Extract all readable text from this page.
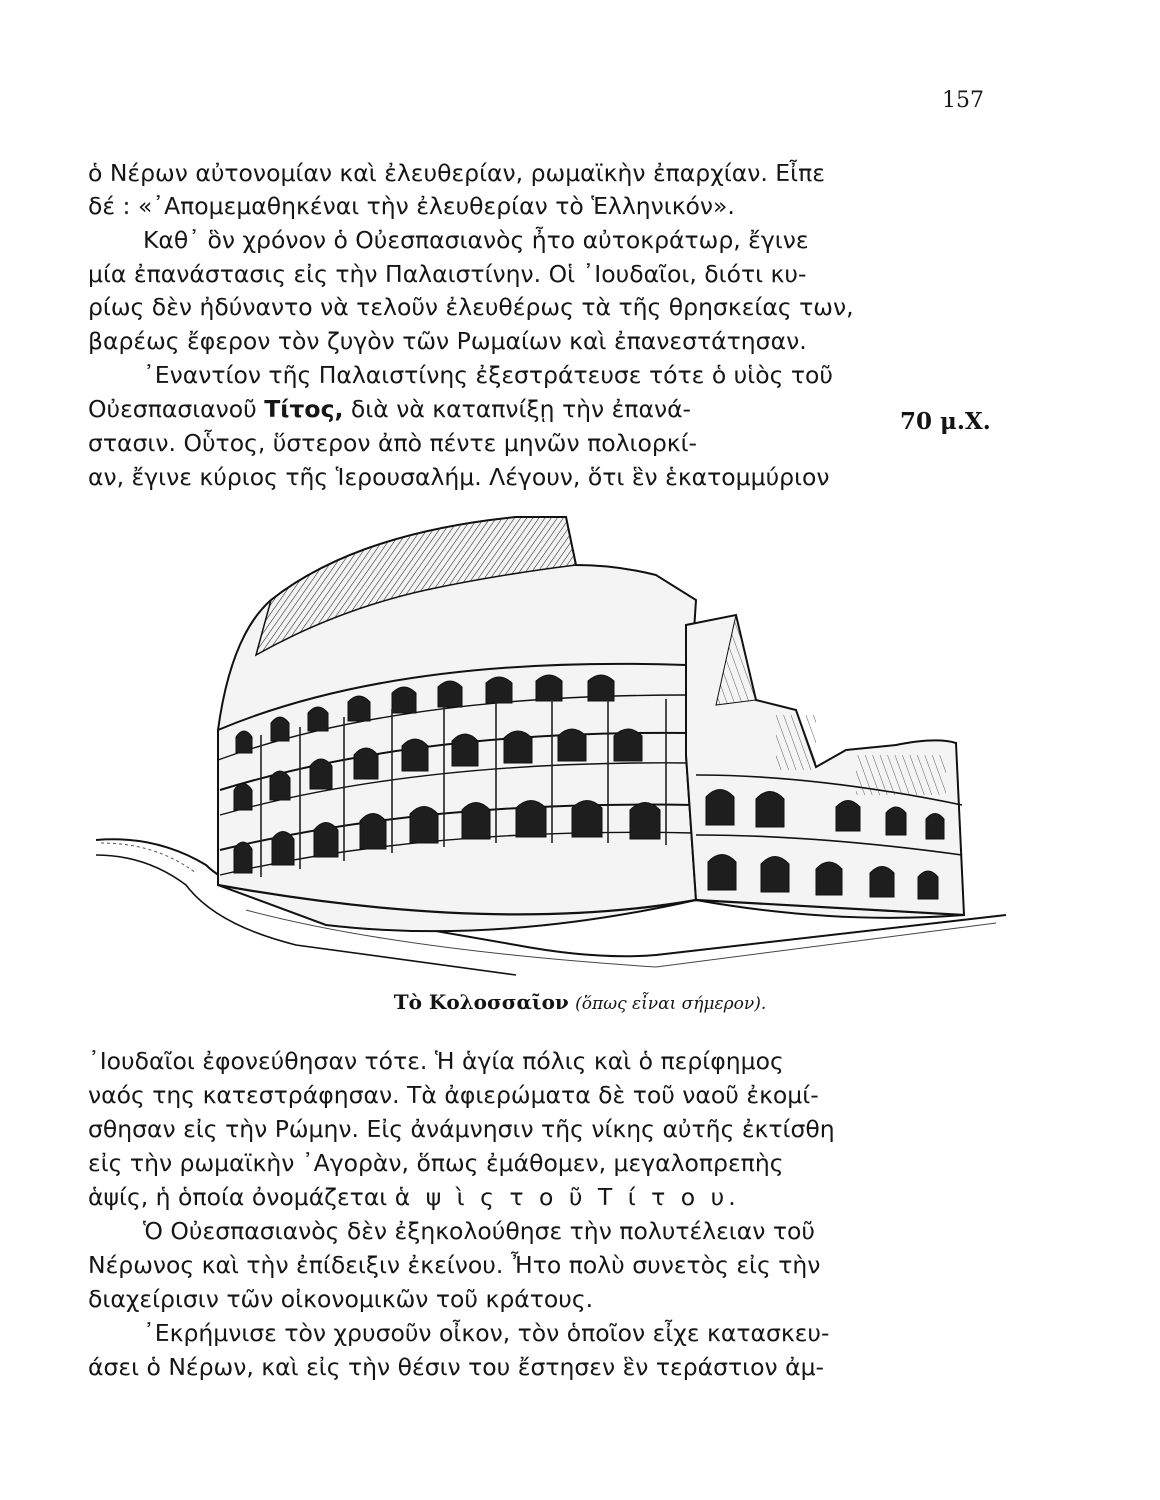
157
ὁ Νέρων αὐτονομίαν καὶ ἐλευθερίαν, ρωμαϊκὴν ἐπαρχίαν. Εἶπε
δέ : «᾿Απομεμαθηκέναι τὴν ἐλευθερίαν τὸ Ἑλληνικόν».
Καθ᾿ ὃν χρόνον ὁ Οὐεσπασιανὸς ἦτο αὐτοκράτωρ, ἔγινε
μία ἐπανάστασις εἰς τὴν Παλαιστίνην. Οἱ ᾿Ιουδαῖοι, διότι κυ-
ρίως δὲν ἠδύναντο νὰ τελοῦν ἐλευθέρως τὰ τῆς θρησκείας των,
βαρέως ἔφερον τὸν ζυγὸν τῶν Ρωμαίων καὶ ἐπανεστάτησαν.
᾿Εναντίον τῆς Παλαιστίνης ἐξεστράτευσε τότε ὁ υἱὸς τοῦ
Οὐεσπασιανοῦ Τίτος, διὰ νὰ καταπνίξῃ τὴν ἐπανά-
στασιν. Οὗτος, ὕστερον ἀπὸ πέντε μηνῶν πολιορκί-
αν, ἔγινε κύριος τῆς Ἱερουσαλήμ. Λέγουν, ὅτι ἓν ἑκατομμύριον
70 μ.Χ.
Τὸ Κολοσσαῖον (ὅπως εἶναι σήμερον).
᾿Ιουδαῖοι ἐφονεύθησαν τότε. Ἡ ἁγία πόλις καὶ ὁ περίφημος
ναός της κατεστράφησαν. Τὰ ἀφιερώματα δὲ τοῦ ναοῦ ἐκομί-
σθησαν εἰς τὴν Ρώμην. Εἰς ἀνάμνησιν τῆς νίκης αὐτῆς ἐκτίσθη
εἰς τὴν ρωμαϊκὴν ᾿Αγορὰν, ὅπως ἐμάθομεν, μεγαλοπρεπὴς
ἁψίς, ἡ ὁποία ὀνομάζεται ἁ ψ ὶ ς τ ο ῦ Τ ί τ ο υ.
Ὁ Οὐεσπασιανὸς δὲν ἐξηκολούθησε τὴν πολυτέλειαν τοῦ
Νέρωνος καὶ τὴν ἐπίδειξιν ἐκείνου. Ἦτο πολὺ συνετὸς εἰς τὴν
διαχείρισιν τῶν οἰκονομικῶν τοῦ κράτους.
᾿Εκρήμνισε τὸν χρυσοῦν οἶκον, τὸν ὁποῖον εἶχε κατασκευ-
άσει ὁ Νέρων, καὶ εἰς τὴν θέσιν του ἔστησεν ἓν τεράστιον ἀμ-
